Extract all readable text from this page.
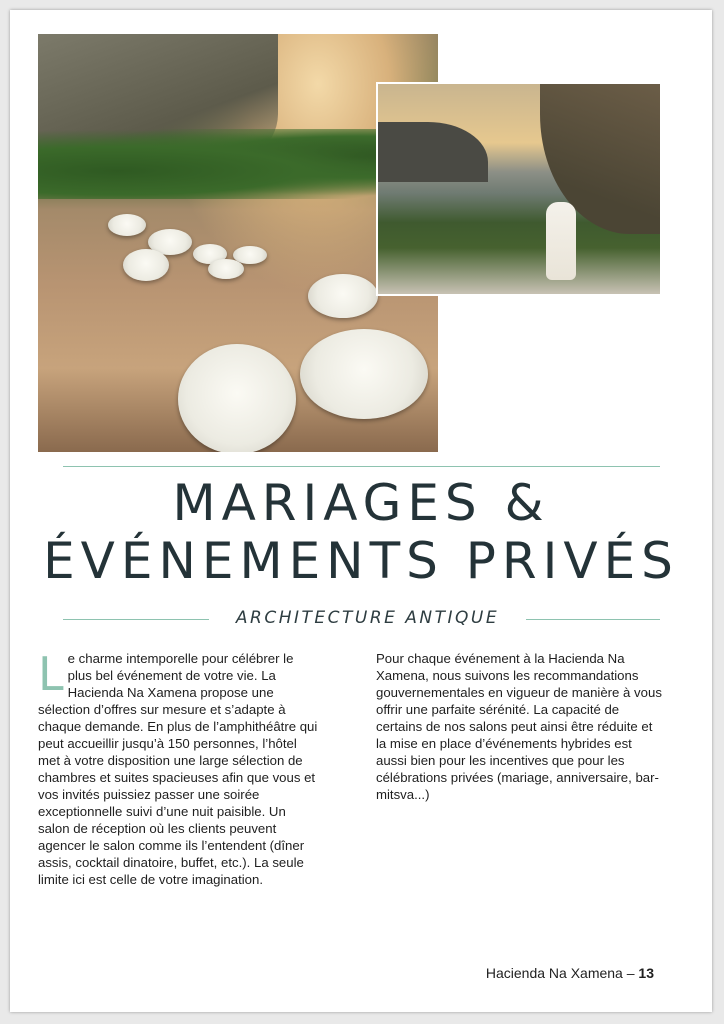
MARIAGES &
ÉVÉNEMENTS PRIVÉS
ARCHITECTURE ANTIQUE
L e charme intemporelle pour célébrer le plus bel événement de votre vie. La Hacienda Na Xamena propose une sélection d’offres sur mesure et s’adapte à chaque demande. En plus de l’amphithéâtre qui peut accueillir jusqu’à 150 personnes, l’hôtel met à votre disposition une large sélection de chambres et suites spacieuses afin que vous et vos invités puissiez passer une soirée exceptionnelle suivi d’une nuit paisible. Un salon de réception où les clients peuvent agencer le salon comme ils l’entendent (dîner assis, cocktail dinatoire, buffet, etc.). La seule limite ici est celle de votre imagination.

Pour chaque événement à la Hacienda Na Xamena, nous suivons les recommandations gouvernementales en vigueur de manière à vous offrir une parfaite sérénité. La capacité de certains de nos salons peut ainsi être réduite et la mise en place d’événements hybrides est aussi bien pour les incentives que pour les célébrations privées (mariage, anniversaire, bar-mitsva...)

Hacienda Na Xamena – 13
